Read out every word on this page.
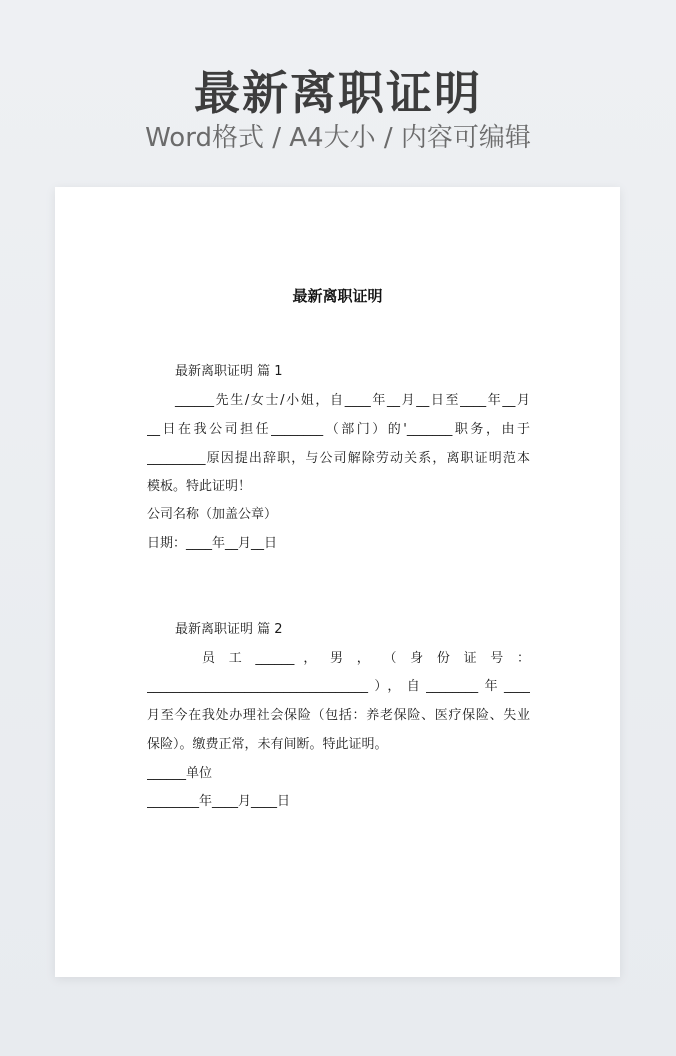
最新离职证明
Word格式 / A4大小 / 内容可编辑
最新离职证明
最新离职证明 篇 1
______先生/女士/小姐，自____年__月__日至____年__月
__日在我公司担任________（部门）的'_______职务，由于
_________原因提出辞职，与公司解除劳动关系，离职证明范本
模板。特此证明！
公司名称（加盖公章）
日期：____年__月__日
最新离职证明 篇 2
员 工 ______ ， 男 ， （ 身 份 证 号 ：
__________________________________），自________年____
月至今在我处办理社会保险（包括：养老保险、医疗保险、失业
保险）。缴费正常，未有间断。特此证明。
______单位
________年____月____日
